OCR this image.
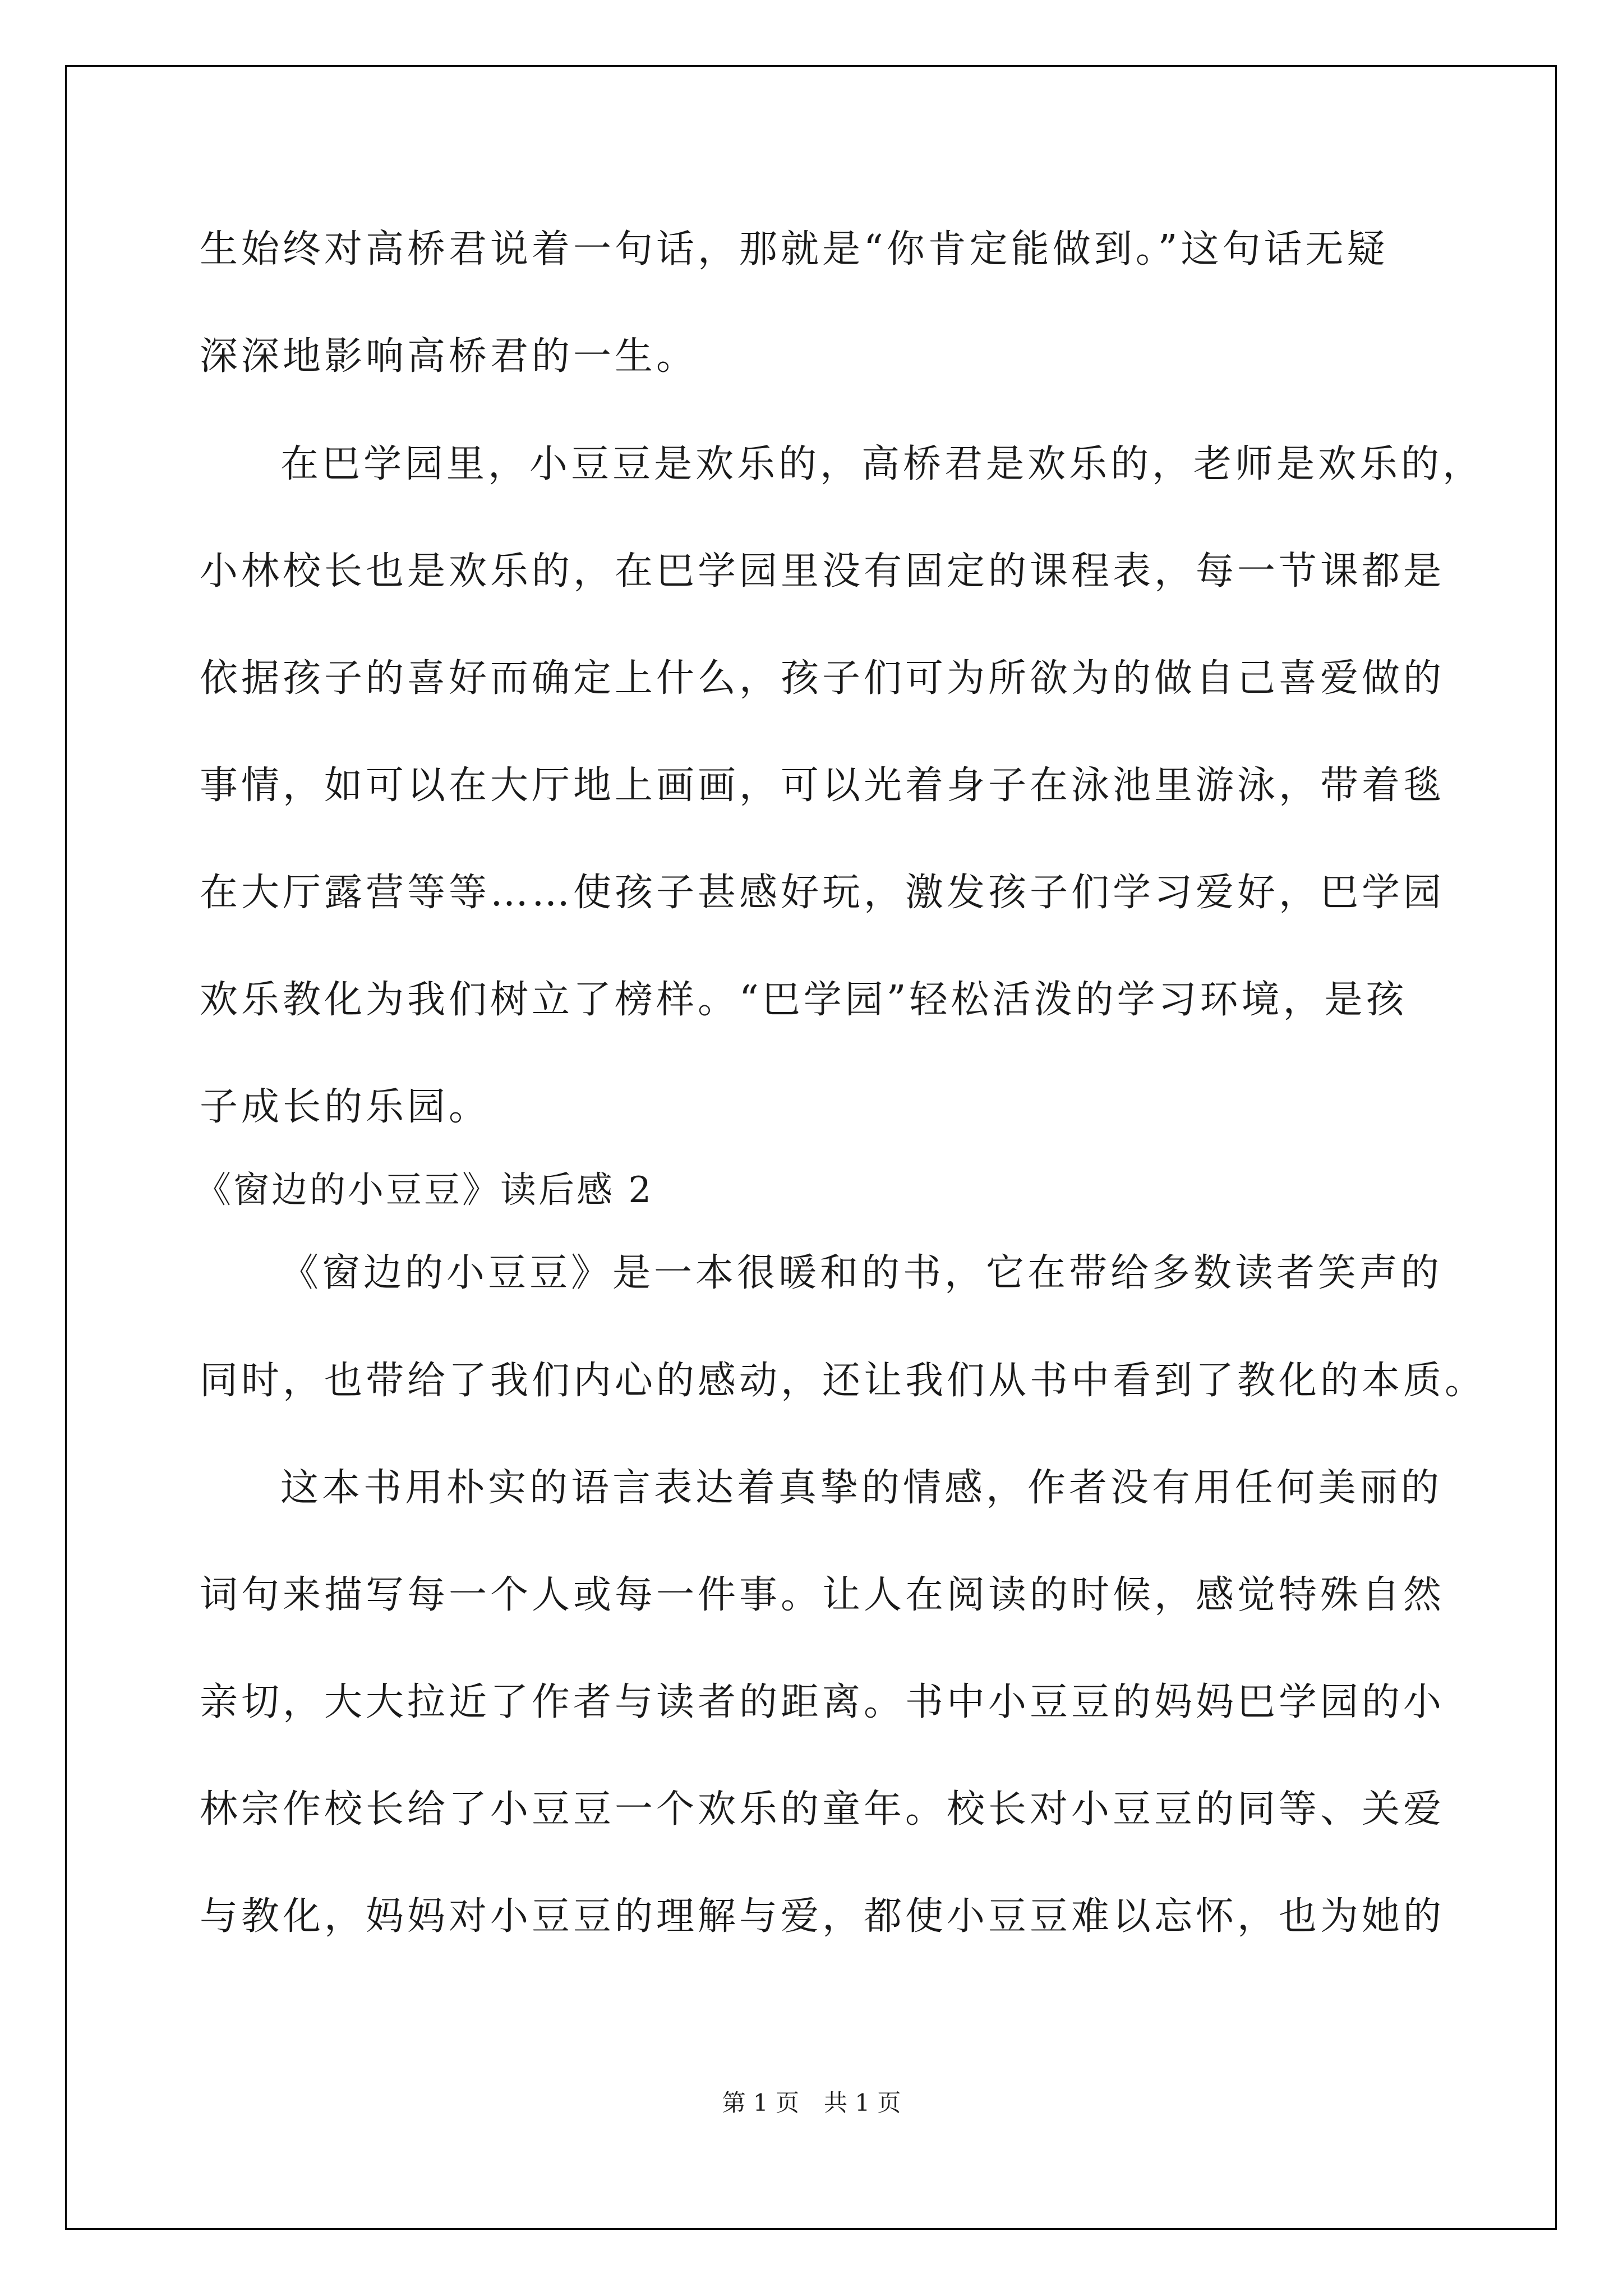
生始终对高桥君说着一句话，那就是“你肯定能做到。”这句话无疑
深深地影响高桥君的一生。
在巴学园里，小豆豆是欢乐的，高桥君是欢乐的，老师是欢乐的，
小林校长也是欢乐的，在巴学园里没有固定的课程表，每一节课都是
依据孩子的喜好而确定上什么，孩子们可为所欲为的做自己喜爱做的
事情，如可以在大厅地上画画，可以光着身子在泳池里游泳，带着毯
在大厅露营等等……使孩子甚感好玩，激发孩子们学习爱好，巴学园
欢乐教化为我们树立了榜样。“巴学园”轻松活泼的学习环境，是孩
子成长的乐园。
《窗边的小豆豆》读后感 2
《窗边的小豆豆》是一本很暖和的书，它在带给多数读者笑声的
同时，也带给了我们内心的感动，还让我们从书中看到了教化的本质。
这本书用朴实的语言表达着真挚的情感，作者没有用任何美丽的
词句来描写每一个人或每一件事。让人在阅读的时候，感觉特殊自然
亲切，大大拉近了作者与读者的距离。书中小豆豆的妈妈巴学园的小
林宗作校长给了小豆豆一个欢乐的童年。校长对小豆豆的同等、关爱
与教化，妈妈对小豆豆的理解与爱，都使小豆豆难以忘怀，也为她的
第 1 页 共 1 页
